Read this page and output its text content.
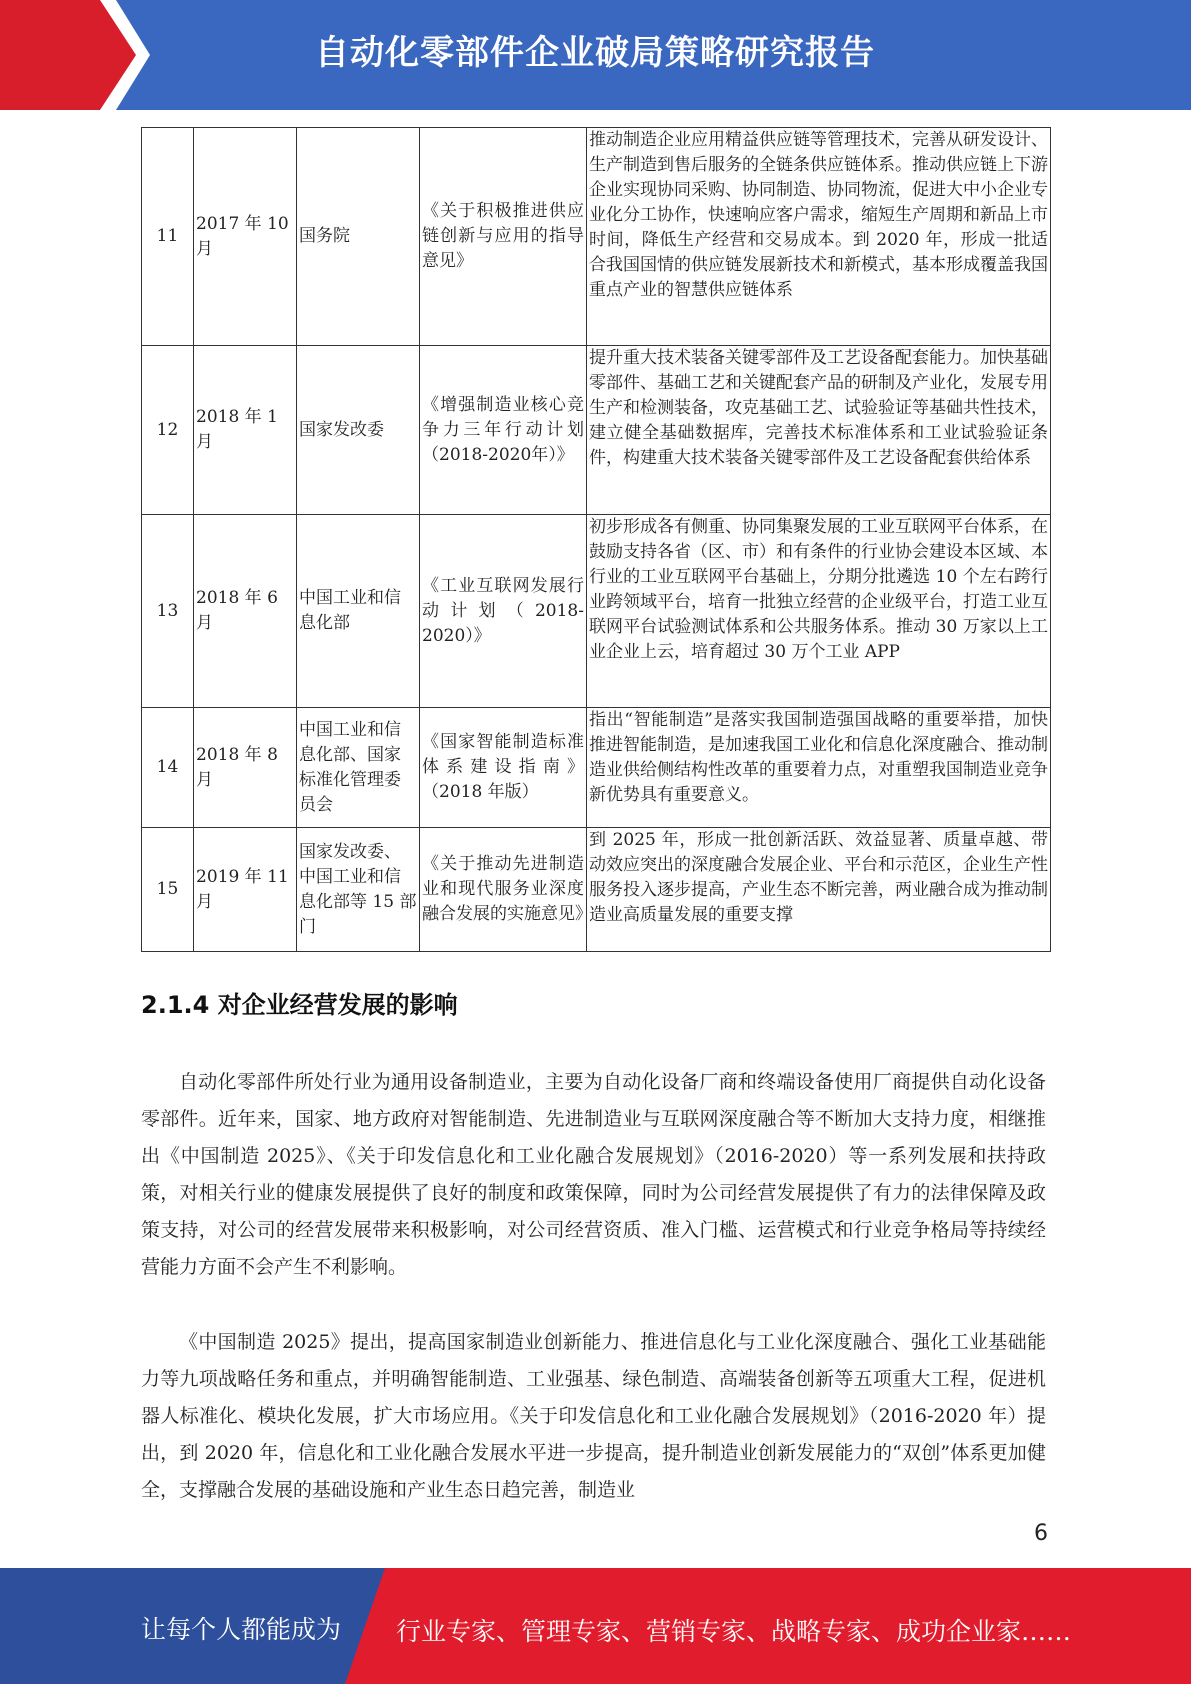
自动化零部件企业破局策略研究报告
11	2017 年 10 月	国务院	《关于积极推进供应链创新与应用的指导意见》	推动制造企业应用精益供应链等管理技术，完善从研发设计、生产制造到售后服务的全链条供应链体系。推动供应链上下游企业实现协同采购、协同制造、协同物流，促进大中小企业专业化分工协作，快速响应客户需求，缩短生产周期和新品上市时间，降低生产经营和交易成本。到 2020 年，形成一批适合我国国情的供应链发展新技术和新模式，基本形成覆盖我国重点产业的智慧供应链体系
12	2018 年 1 月	国家发改委	《增强制造业核心竞争力三年行动计划（2018-2020年）》	提升重大技术装备关键零部件及工艺设备配套能力。加快基础零部件、基础工艺和关键配套产品的研制及产业化，发展专用生产和检测装备，攻克基础工艺、试验验证等基础共性技术，建立健全基础数据库，完善技术标准体系和工业试验验证条件，构建重大技术装备关键零部件及工艺设备配套供给体系
13	2018 年 6 月	中国工业和信息化部	《工业互联网发展行动计划（2018-2020）》	初步形成各有侧重、协同集聚发展的工业互联网平台体系，在鼓励支持各省（区、市）和有条件的行业协会建设本区域、本行业的工业互联网平台基础上，分期分批遴选 10 个左右跨行业跨领域平台，培育一批独立经营的企业级平台，打造工业互联网平台试验测试体系和公共服务体系。推动 30 万家以上工业企业上云，培育超过 30 万个工业 APP
14	2018 年 8 月	中国工业和信息化部、国家标准化管理委员会	《国家智能制造标准体系建设指南》（2018 年版）	指出“智能制造”是落实我国制造强国战略的重要举措，加快推进智能制造，是加速我国工业化和信息化深度融合、推动制造业供给侧结构性改革的重要着力点，对重塑我国制造业竞争新优势具有重要意义。
15	2019 年 11 月	国家发改委、中国工业和信息化部等 15 部门	《关于推动先进制造业和现代服务业深度融合发展的实施意见》	到 2025 年，形成一批创新活跃、效益显著、质量卓越、带动效应突出的深度融合发展企业、平台和示范区，企业生产性服务投入逐步提高，产业生态不断完善，两业融合成为推动制造业高质量发展的重要支撑
2.1.4 对企业经营发展的影响

自动化零部件所处行业为通用设备制造业，主要为自动化设备厂商和终端设备使用厂商提供自动化设备零部件。近年来，国家、地方政府对智能制造、先进制造业与互联网深度融合等不断加大支持力度，相继推出《中国制造 2025》、《关于印发信息化和工业化融合发展规划》（2016-2020）等一系列发展和扶持政策，对相关行业的健康发展提供了良好的制度和政策保障，同时为公司经营发展提供了有力的法律保障及政策支持，对公司的经营发展带来积极影响，对公司经营资质、准入门槛、运营模式和行业竞争格局等持续经营能力方面不会产生不利影响。

《中国制造 2025》提出，提高国家制造业创新能力、推进信息化与工业化深度融合、强化工业基础能力等九项战略任务和重点，并明确智能制造、工业强基、绿色制造、高端装备创新等五项重大工程，促进机器人标准化、模块化发展，扩大市场应用。《关于印发信息化和工业化融合发展规划》（2016-2020 年）提出，到 2020 年，信息化和工业化融合发展水平进一步提高，提升制造业创新发展能力的“双创”体系更加健全，支撑融合发展的基础设施和产业生态日趋完善，制造业

6
让每个人都能成为 行业专家、管理专家、营销专家、战略专家、成功企业家……
